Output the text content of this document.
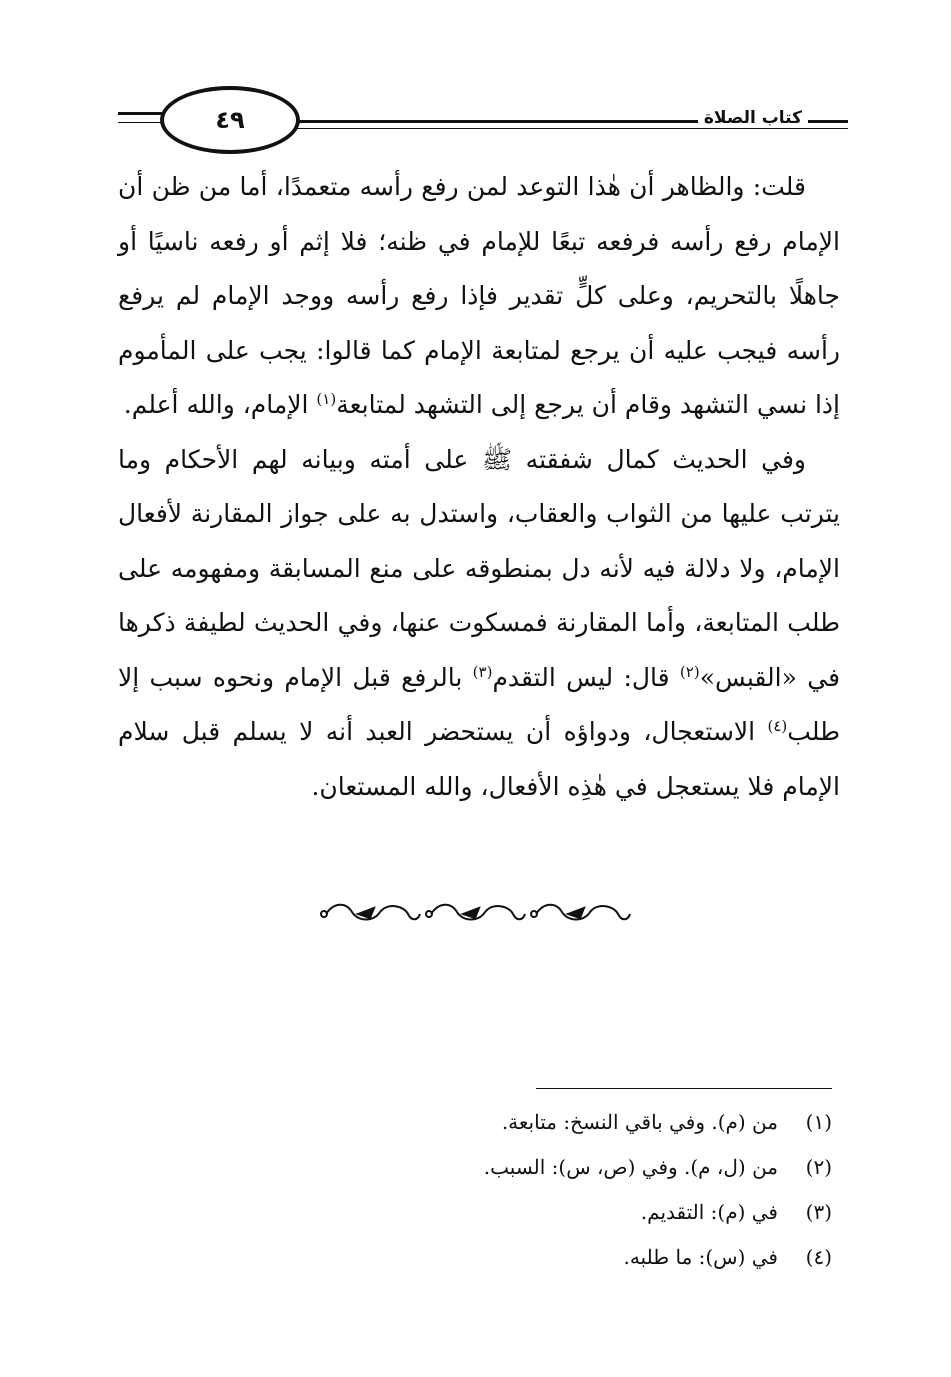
٤٩	كتاب الصلاة

قلت: والظاهر أن هٰذا التوعد لمن رفع رأسه متعمدًا، أما من ظن أن الإمام رفع رأسه فرفعه تبعًا للإمام في ظنه؛ فلا إثم أو رفعه ناسيًا أو جاهلًا بالتحريم، وعلى كلٍّ تقدير فإذا رفع رأسه ووجد الإمام لم يرفع رأسه فيجب عليه أن يرجع لمتابعة الإمام كما قالوا: يجب على المأموم إذا نسي التشهد وقام أن يرجع إلى التشهد لمتابعة$^{(١)}$ الإمام، والله أعلم.

وفي الحديث كمال شفقته ﷺ على أمته وبيانه لهم الأحكام وما يترتب عليها من الثواب والعقاب، واستدل به على جواز المقارنة لأفعال الإمام، ولا دلالة فيه لأنه دل بمنطوقه على منع المسابقة ومفهومه على طلب المتابعة، وأما المقارنة فمسكوت عنها، وفي الحديث لطيفة ذكرها في «القبس»$^{(٢)}$ قال: ليس التقدم$^{(٣)}$ بالرفع قبل الإمام ونحوه سبب إلا طلب$^{(٤)}$ الاستعجال، ودواؤه أن يستحضر العبد أنه لا يسلم قبل سلام الإمام فلا يستعجل في هٰذِه الأفعال، والله المستعان.

(١)من (م). وفي باقي النسخ: متابعة.
(٢)من (ل، م). وفي (ص، س): السبب.
(٣)في (م): التقديم.
(٤)في (س): ما طلبه.
